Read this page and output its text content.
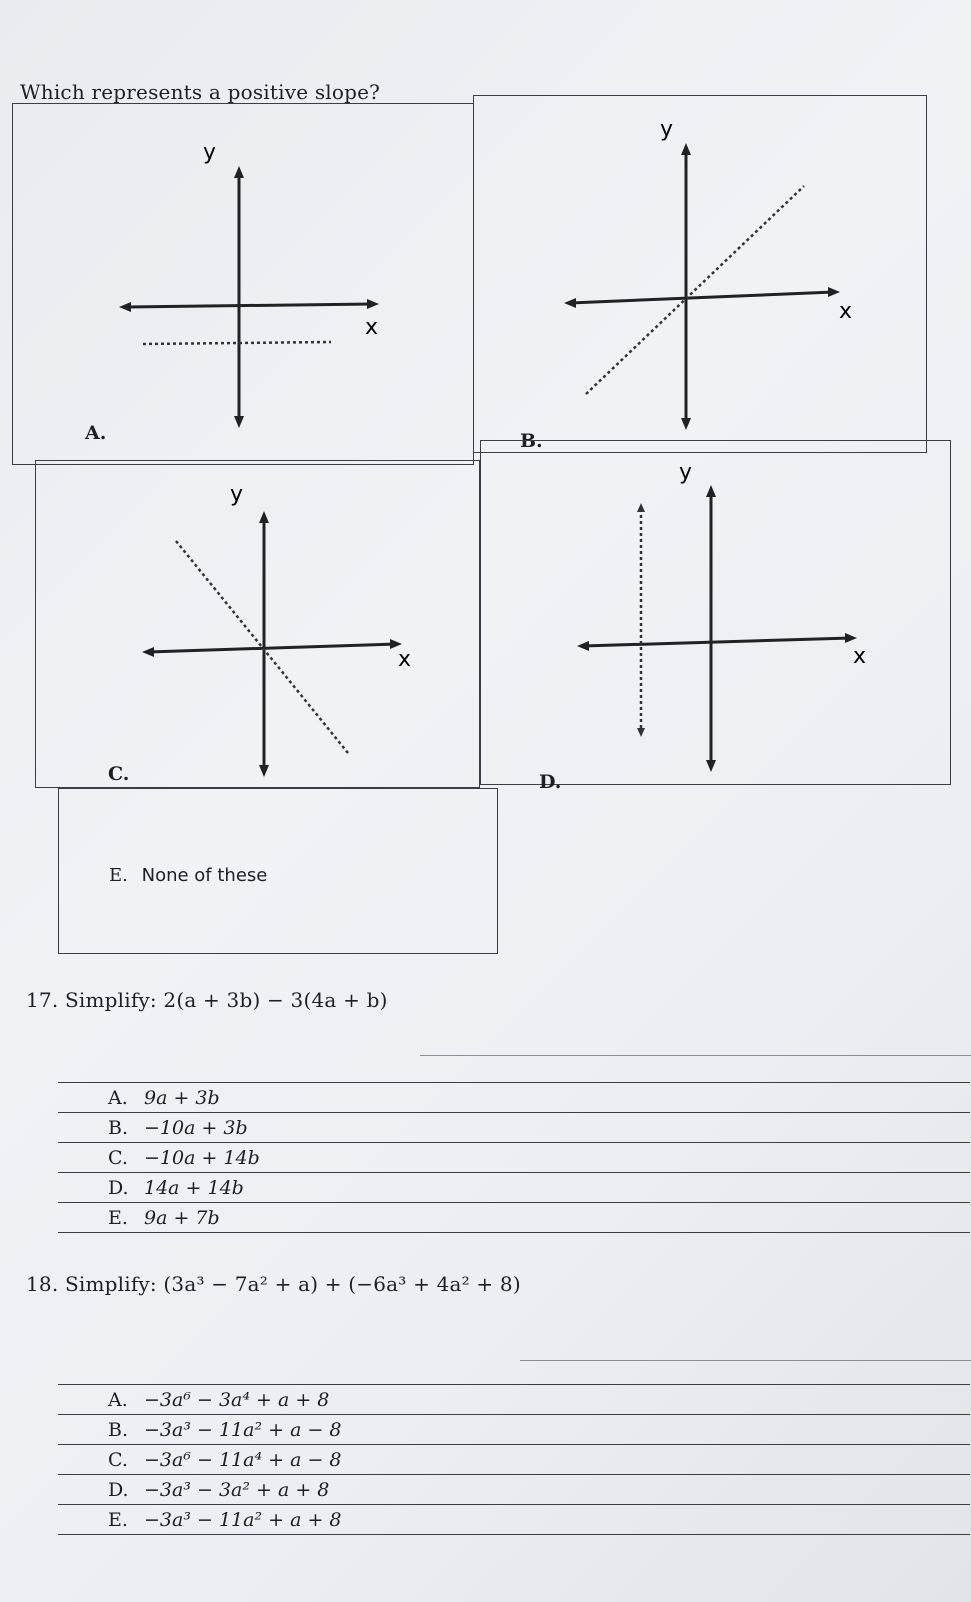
Which represents a positive slope?
y
x
A.
y
x
B.
y
x
C.
y
x
D.
E. None of these
17. Simplify: 2(a + 3b) − 3(4a + b)
A. 9a + 3b
B. −10a + 3b
C. −10a + 14b
D. 14a + 14b
E. 9a + 7b
18. Simplify: (3a³ − 7a² + a) + (−6a³ + 4a² + 8)
A. −3a⁶ − 3a⁴ + a + 8
B. −3a³ − 11a² + a − 8
C. −3a⁶ − 11a⁴ + a − 8
D. −3a³ − 3a² + a + 8
E. −3a³ − 11a² + a + 8
